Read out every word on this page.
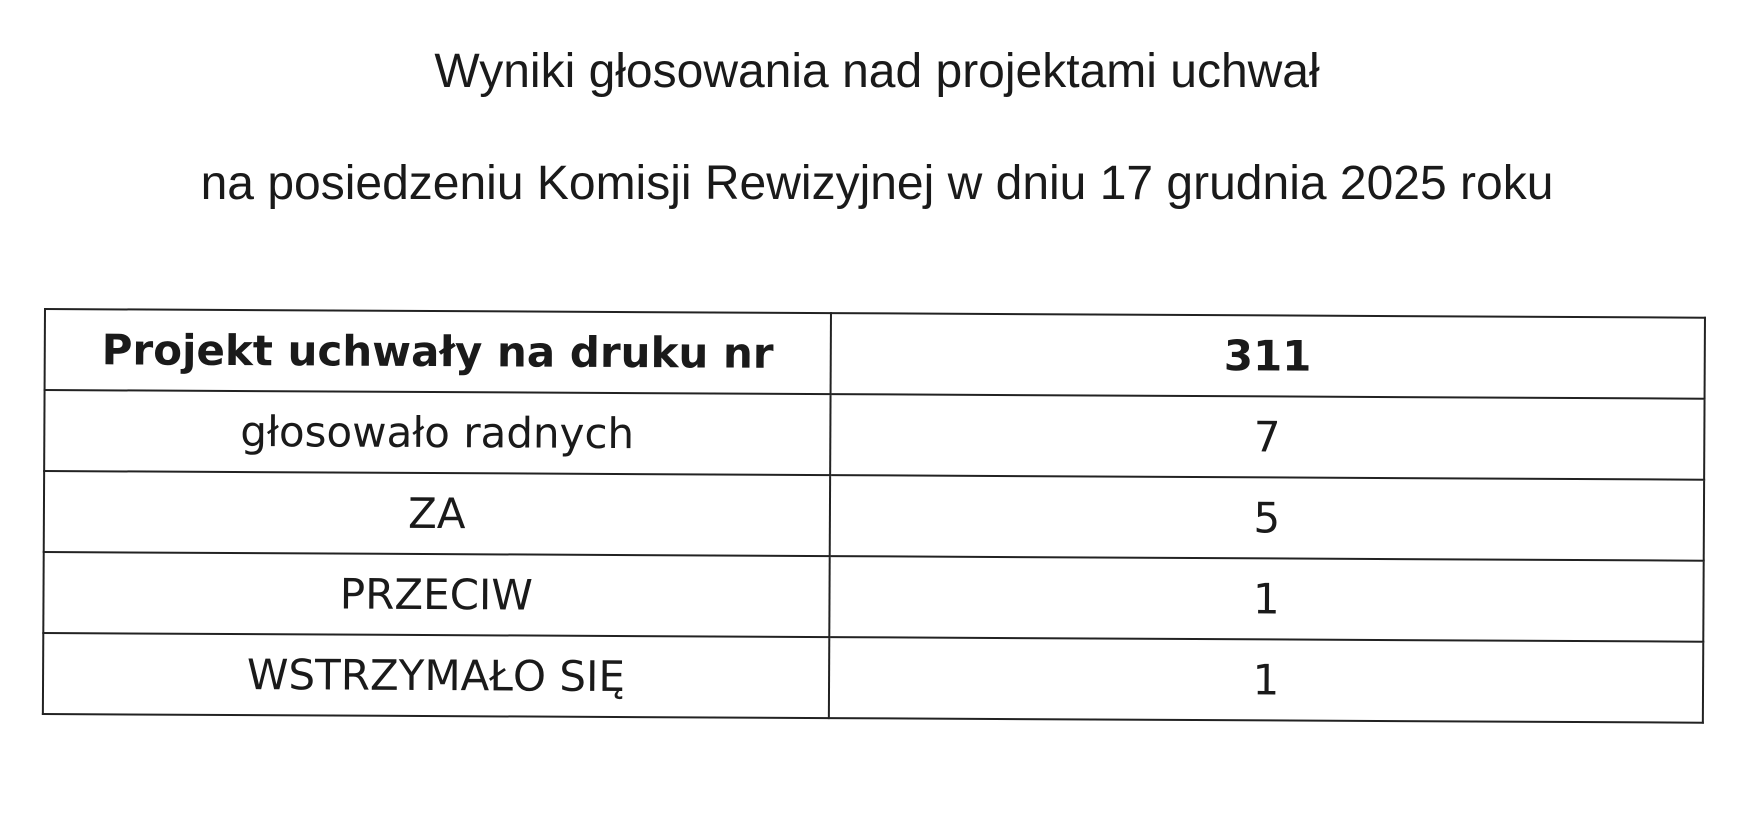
Wyniki głosowania nad projektami uchwał
na posiedzeniu Komisji Rewizyjnej w dniu 17 grudnia 2025 roku
Projekt uchwały na druku nr	311
głosowało radnych	7
ZA	5
PRZECIW	1
WSTRZYMAŁO SIĘ	1
